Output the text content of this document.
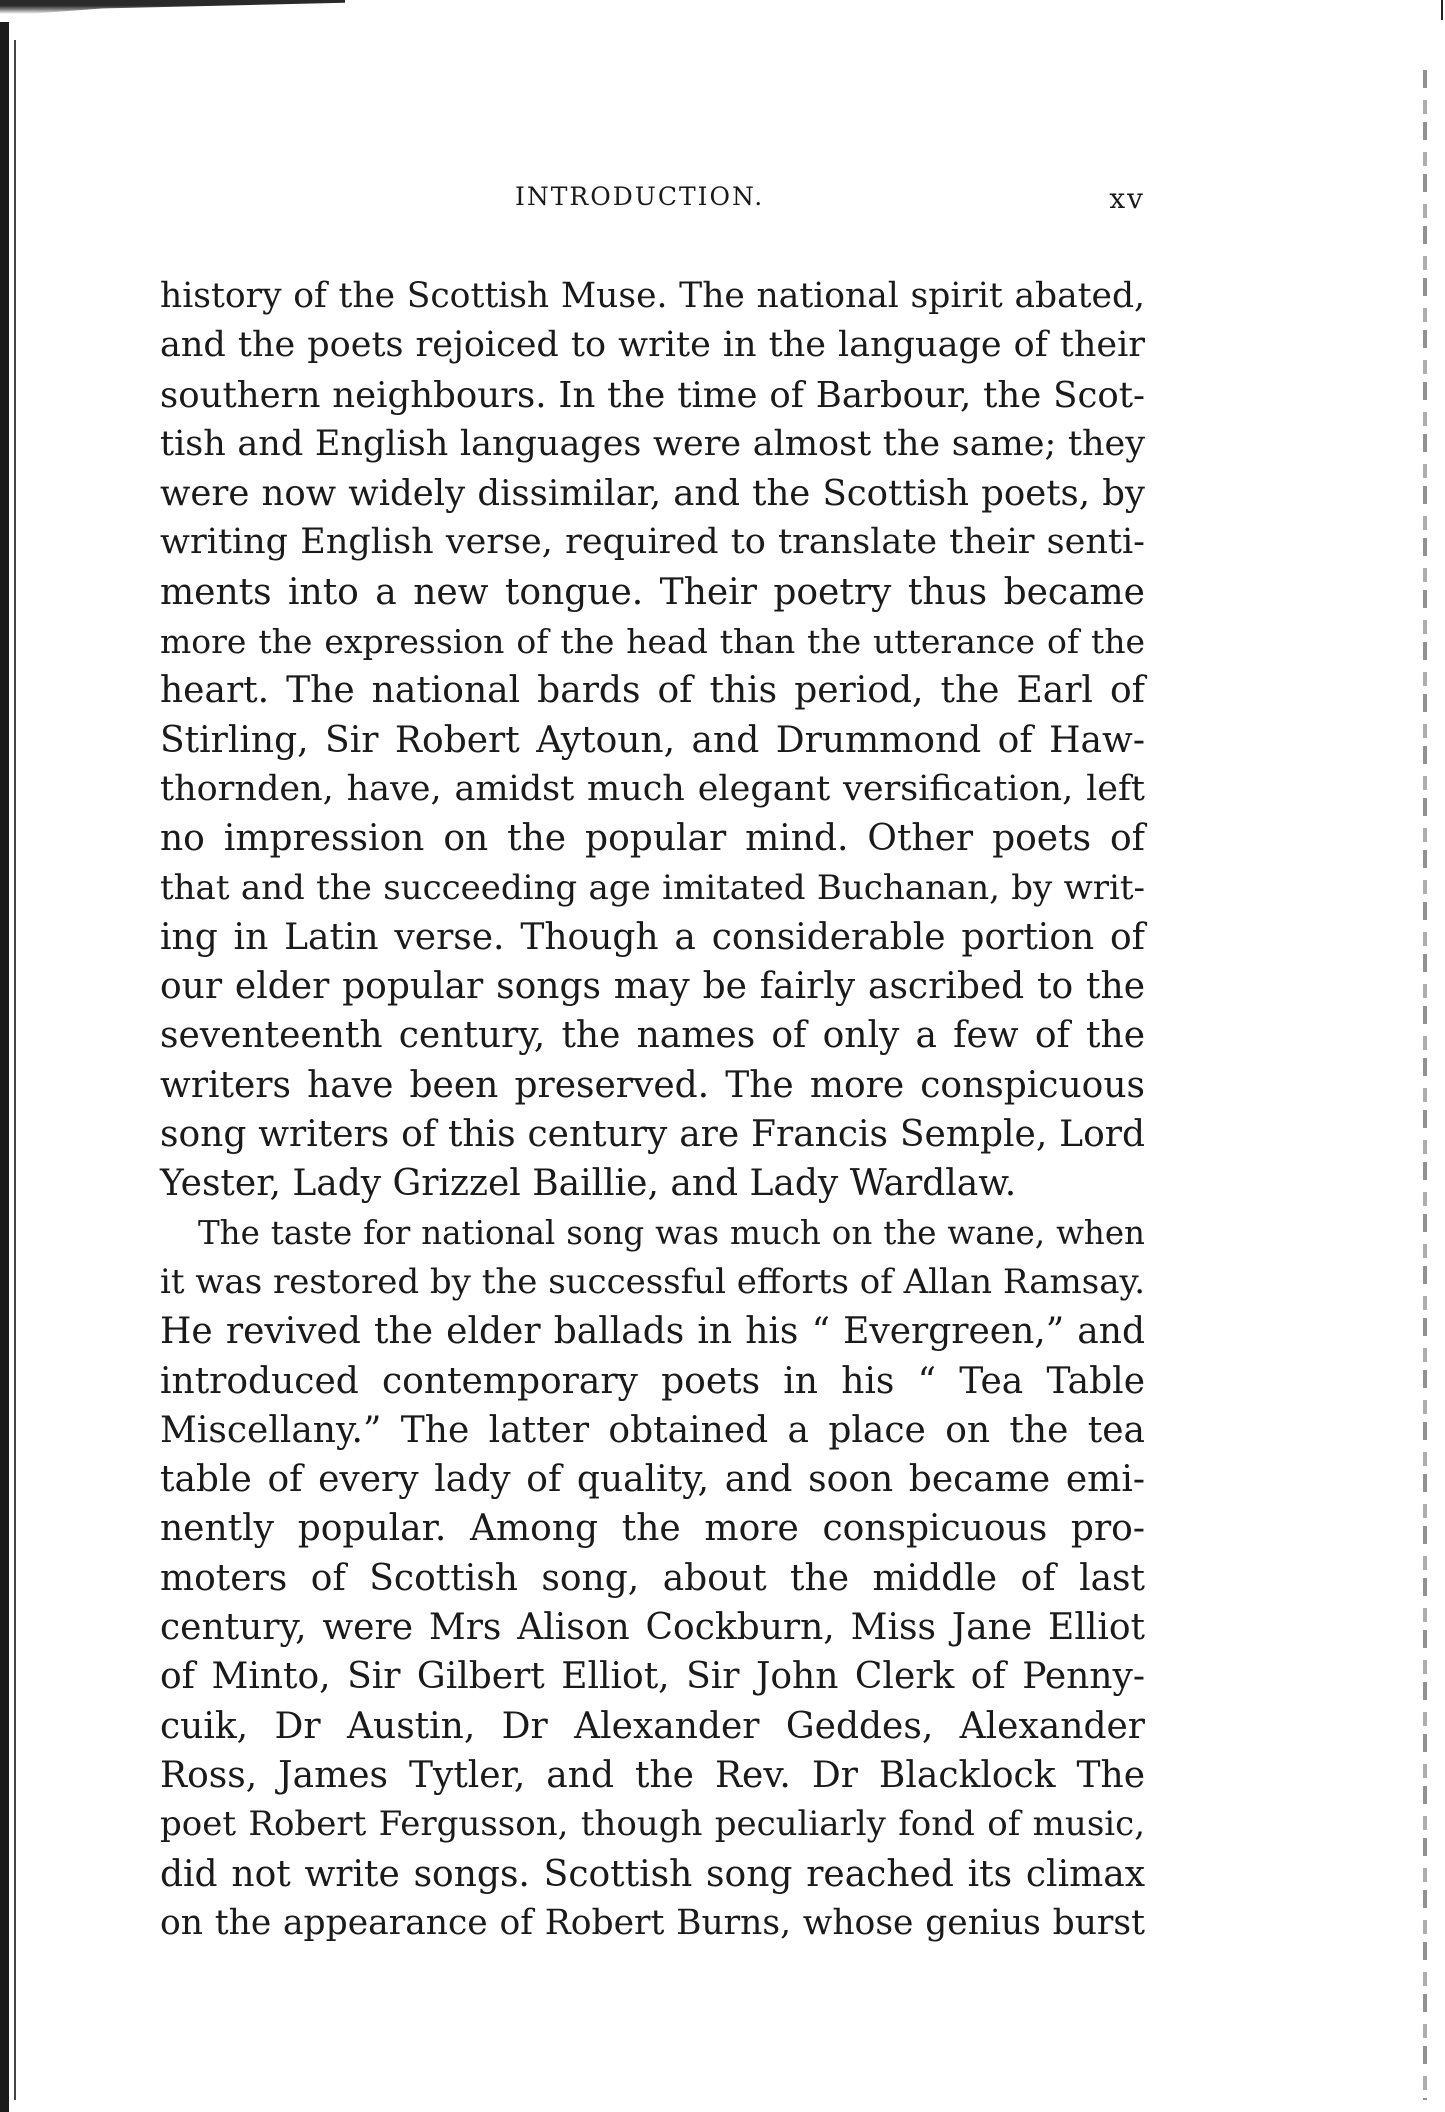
INTRODUCTION.	xv
history of the Scottish Muse. The national spirit abated,
and the poets rejoiced to write in the language of their
southern neighbours. In the time of Barbour, the Scot-
tish and English languages were almost the same; they
were now widely dissimilar, and the Scottish poets, by
writing English verse, required to translate their senti-
ments into a new tongue. Their poetry thus became
more the expression of the head than the utterance of the
heart. The national bards of this period, the Earl of
Stirling, Sir Robert Aytoun, and Drummond of Haw-
thornden, have, amidst much elegant versification, left
no impression on the popular mind. Other poets of
that and the succeeding age imitated Buchanan, by writ-
ing in Latin verse. Though a considerable portion of
our elder popular songs may be fairly ascribed to the
seventeenth century, the names of only a few of the
writers have been preserved. The more conspicuous
song writers of this century are Francis Semple, Lord
Yester, Lady Grizzel Baillie, and Lady Wardlaw.
The taste for national song was much on the wane, when
it was restored by the successful efforts of Allan Ramsay.
He revived the elder ballads in his “ Evergreen,” and
introduced contemporary poets in his “ Tea Table
Miscellany.” The latter obtained a place on the tea
table of every lady of quality, and soon became emi-
nently popular. Among the more conspicuous pro-
moters of Scottish song, about the middle of last
century, were Mrs Alison Cockburn, Miss Jane Elliot
of Minto, Sir Gilbert Elliot, Sir John Clerk of Penny-
cuik, Dr Austin, Dr Alexander Geddes, Alexander
Ross, James Tytler, and the Rev. Dr Blacklock The
poet Robert Fergusson, though peculiarly fond of music,
did not write songs. Scottish song reached its climax
on the appearance of Robert Burns, whose genius burst
